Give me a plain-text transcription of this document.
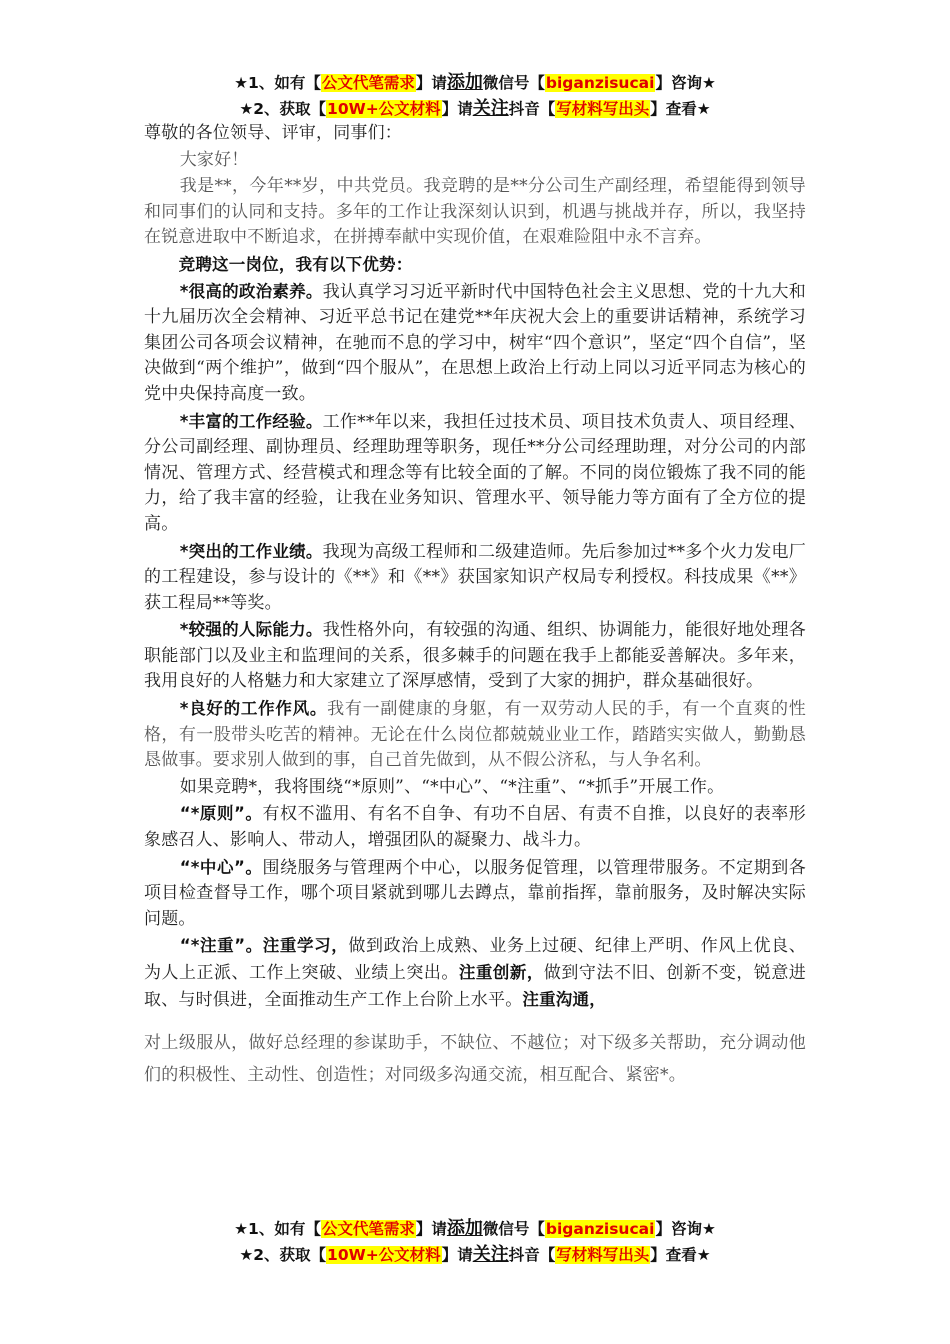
★1、如有【公文代笔需求】请添加微信号【biganzisucai】咨询★
★2、获取【10W+公文材料】请关注抖音【写材料写出头】查看★

尊敬的各位领导、评审，同事们：

大家好！

我是**，今年**岁，中共党员。我竞聘的是**分公司生产副经理，希望能得到领导和同事们的认同和支持。多年的工作让我深刻认识到，机遇与挑战并存，所以，我坚持在锐意进取中不断追求，在拼搏奉献中实现价值，在艰难险阻中永不言弃。

竞聘这一岗位，我有以下优势：

*很高的政治素养。我认真学习习近平新时代中国特色社会主义思想、党的十九大和十九届历次全会精神、习近平总书记在建党**年庆祝大会上的重要讲话精神，系统学习集团公司各项会议精神，在驰而不息的学习中，树牢“四个意识”，坚定“四个自信”，坚决做到“两个维护”，做到“四个服从”，在思想上政治上行动上同以习近平同志为核心的党中央保持高度一致。

*丰富的工作经验。工作**年以来，我担任过技术员、项目技术负责人、项目经理、分公司副经理、副协理员、经理助理等职务，现任**分公司经理助理，对分公司的内部情况、管理方式、经营模式和理念等有比较全面的了解。不同的岗位锻炼了我不同的能力，给了我丰富的经验，让我在业务知识、管理水平、领导能力等方面有了全方位的提高。

*突出的工作业绩。我现为高级工程师和二级建造师。先后参加过**多个火力发电厂的工程建设，参与设计的《**》和《**》获国家知识产权局专利授权。科技成果《**》获工程局**等奖。

*较强的人际能力。我性格外向，有较强的沟通、组织、协调能力，能很好地处理各职能部门以及业主和监理间的关系，很多棘手的问题在我手上都能妥善解决。多年来，我用良好的人格魅力和大家建立了深厚感情，受到了大家的拥护，群众基础很好。

*良好的工作作风。我有一副健康的身躯，有一双劳动人民的手，有一个直爽的性格，有一股带头吃苦的精神。无论在什么岗位都兢兢业业工作，踏踏实实做人，勤勤恳恳做事。要求别人做到的事，自己首先做到，从不假公济私，与人争名利。

如果竞聘*，我将围绕“*原则”、“*中心”、“*注重”、“*抓手”开展工作。

“*原则”。有权不滥用、有名不自争、有功不自居、有责不自推，以良好的表率形象感召人、影响人、带动人，增强团队的凝聚力、战斗力。

“*中心”。围绕服务与管理两个中心，以服务促管理，以管理带服务。不定期到各项目检查督导工作，哪个项目紧就到哪儿去蹲点，靠前指挥，靠前服务，及时解决实际问题。

“*注重”。注重学习，做到政治上成熟、业务上过硬、纪律上严明、作风上优良、为人上正派、工作上突破、业绩上突出。注重创新，做到守法不旧、创新不变，锐意进取、与时俱进，全面推动生产工作上台阶上水平。注重沟通，

对上级服从，做好总经理的参谋助手，不缺位、不越位；对下级多关帮助，充分调动他们的积极性、主动性、创造性；对同级多沟通交流，相互配合、紧密*。

★1、如有【公文代笔需求】请添加微信号【biganzisucai】咨询★
★2、获取【10W+公文材料】请关注抖音【写材料写出头】查看★
